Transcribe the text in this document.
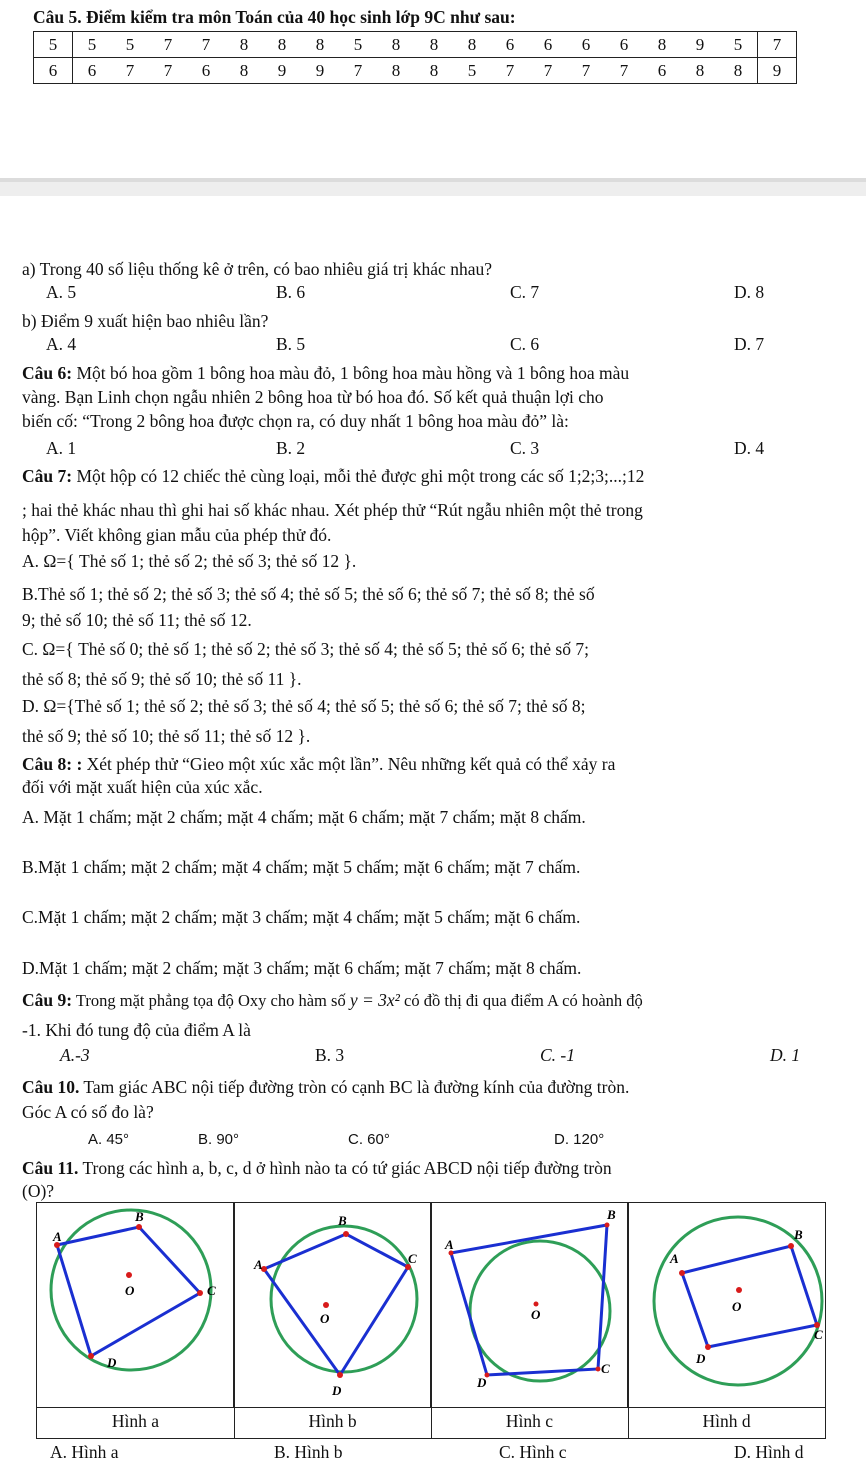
Câu 5. Điểm kiểm tra môn Toán của 40 học sinh lớp 9C như sau:
5	5	5	7	7	8	8	8	5	8	8	8	6	6	6	6	8	9	5	7
6	6	7	7	6	8	9	9	7	8	8	5	7	7	7	7	6	8	8	9
a) Trong 40 số liệu thống kê ở trên, có bao nhiêu giá trị khác nhau?
A. 5	B. 6	C. 7	D. 8
b) Điểm 9 xuất hiện bao nhiêu lần?
A. 4	B. 5	C. 6	D. 7
Câu 6: Một bó hoa gồm 1 bông hoa màu đỏ, 1 bông hoa màu hồng và 1 bông hoa màu
vàng. Bạn Linh chọn ngẫu nhiên 2 bông hoa từ bó hoa đó. Số kết quả thuận lợi cho
biến cố: “Trong 2 bông hoa được chọn ra, có duy nhất 1 bông hoa màu đỏ” là:
A. 1	B. 2	C. 3	D. 4
Câu 7: Một hộp có 12 chiếc thẻ cùng loại, mỗi thẻ được ghi một trong các số 1;2;3;...;12
; hai thẻ khác nhau thì ghi hai số khác nhau. Xét phép thử “Rút ngẫu nhiên một thẻ trong
hộp”. Viết không gian mẫu của phép thử đó.
A. Ω={ Thẻ số 1; thẻ số 2; thẻ số 3; thẻ số 12 }.
B.Thẻ số 1; thẻ số 2; thẻ số 3; thẻ số 4; thẻ số 5; thẻ số 6; thẻ số 7; thẻ số 8; thẻ số
9; thẻ số 10; thẻ số 11; thẻ số 12.
C. Ω={ Thẻ số 0; thẻ số 1; thẻ số 2; thẻ số 3; thẻ số 4; thẻ số 5; thẻ số 6; thẻ số 7;
thẻ số 8; thẻ số 9; thẻ số 10; thẻ số 11 }.
D. Ω={Thẻ số 1; thẻ số 2; thẻ số 3; thẻ số 4; thẻ số 5; thẻ số 6; thẻ số 7; thẻ số 8;
thẻ số 9; thẻ số 10; thẻ số 11; thẻ số 12 }.
Câu 8: : Xét phép thử “Gieo một xúc xắc một lần”. Nêu những kết quả có thể xảy ra
đối với mặt xuất hiện của xúc xắc.
A. Mặt 1 chấm; mặt 2 chấm; mặt 4 chấm; mặt 6 chấm; mặt 7 chấm; mặt 8 chấm.
B.Mặt 1 chấm; mặt 2 chấm; mặt 4 chấm; mặt 5 chấm; mặt 6 chấm; mặt 7 chấm.
C.Mặt 1 chấm; mặt 2 chấm; mặt 3 chấm; mặt 4 chấm; mặt 5 chấm; mặt 6 chấm.
D.Mặt 1 chấm; mặt 2 chấm; mặt 3 chấm; mặt 6 chấm; mặt 7 chấm; mặt 8 chấm.
Câu 9: Trong mặt phẳng tọa độ Oxy cho hàm số y = 3x² có đồ thị đi qua điểm A có hoành độ
-1. Khi đó tung độ của điểm A là
A.-3	B. 3	C. -1	D. 1
Câu 10. Tam giác ABC nội tiếp đường tròn có cạnh BC là đường kính của đường tròn.
Góc A có số đo là?
A. 45°	B. 90°	C. 60°	D. 120°
Câu 11. Trong các hình a, b, c, d ở hình nào ta có tứ giác ABCD nội tiếp đường tròn
(O)?
A
B
C
D
O
A
B
C
D
O
A
B
C
D
O
A
B
C
D
O
Hình a	Hình b	Hình c	Hình d
A. Hình a	B. Hình b	C. Hình c	D. Hình d
